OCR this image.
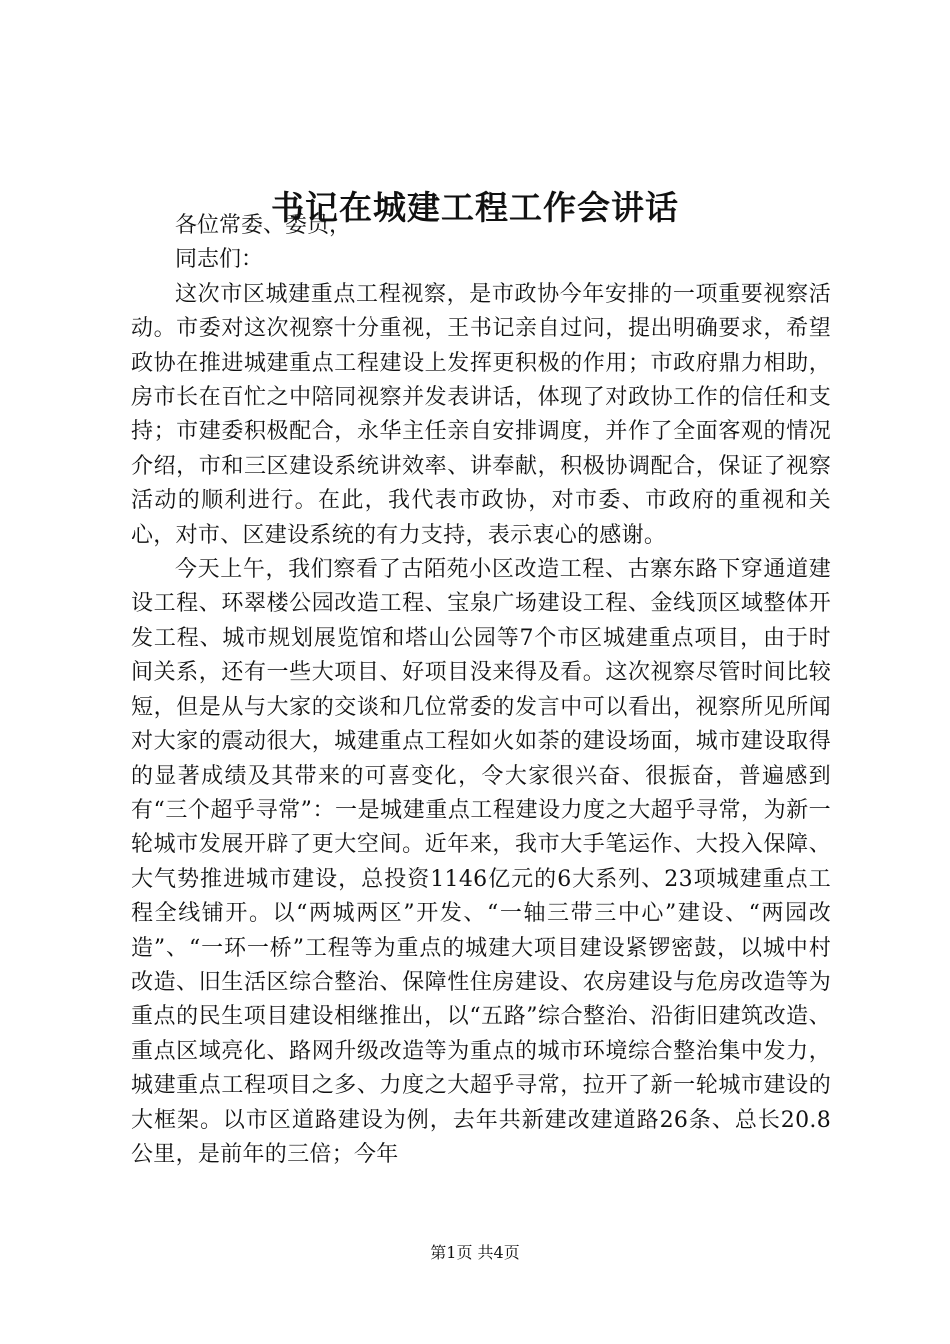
书记在城建工程工作会讲话

各位常委、委员，

同志们：

这次市区城建重点工程视察，是市政协今年安排的一项重要视察活动。市委对这次视察十分重视，王书记亲自过问，提出明确要求，希望政协在推进城建重点工程建设上发挥更积极的作用；市政府鼎力相助，房市长在百忙之中陪同视察并发表讲话，体现了对政协工作的信任和支持；市建委积极配合，永华主任亲自安排调度，并作了全面客观的情况介绍，市和三区建设系统讲效率、讲奉献，积极协调配合，保证了视察活动的顺利进行。在此，我代表市政协，对市委、市政府的重视和关心，对市、区建设系统的有力支持，表示衷心的感谢。

今天上午，我们察看了古陌苑小区改造工程、古寨东路下穿通道建设工程、环翠楼公园改造工程、宝泉广场建设工程、金线顶区域整体开发工程、城市规划展览馆和塔山公园等7个市区城建重点项目，由于时间关系，还有一些大项目、好项目没来得及看。这次视察尽管时间比较短，但是从与大家的交谈和几位常委的发言中可以看出，视察所见所闻对大家的震动很大，城建重点工程如火如荼的建设场面，城市建设取得的显著成绩及其带来的可喜变化，令大家很兴奋、很振奋，普遍感到有“三个超乎寻常”：一是城建重点工程建设力度之大超乎寻常，为新一轮城市发展开辟了更大空间。近年来，我市大手笔运作、大投入保障、大气势推进城市建设，总投资1146亿元的6大系列、23项城建重点工程全线铺开。以“两城两区”开发、“一轴三带三中心”建设、“两园改造”、“一环一桥”工程等为重点的城建大项目建设紧锣密鼓，以城中村改造、旧生活区综合整治、保障性住房建设、农房建设与危房改造等为重点的民生项目建设相继推出，以“五路”综合整治、沿街旧建筑改造、重点区域亮化、路网升级改造等为重点的城市环境综合整治集中发力，城建重点工程项目之多、力度之大超乎寻常，拉开了新一轮城市建设的大框架。以市区道路建设为例，去年共新建改建道路26条、总长20.8公里，是前年的三倍；今年

第1页 共4页
